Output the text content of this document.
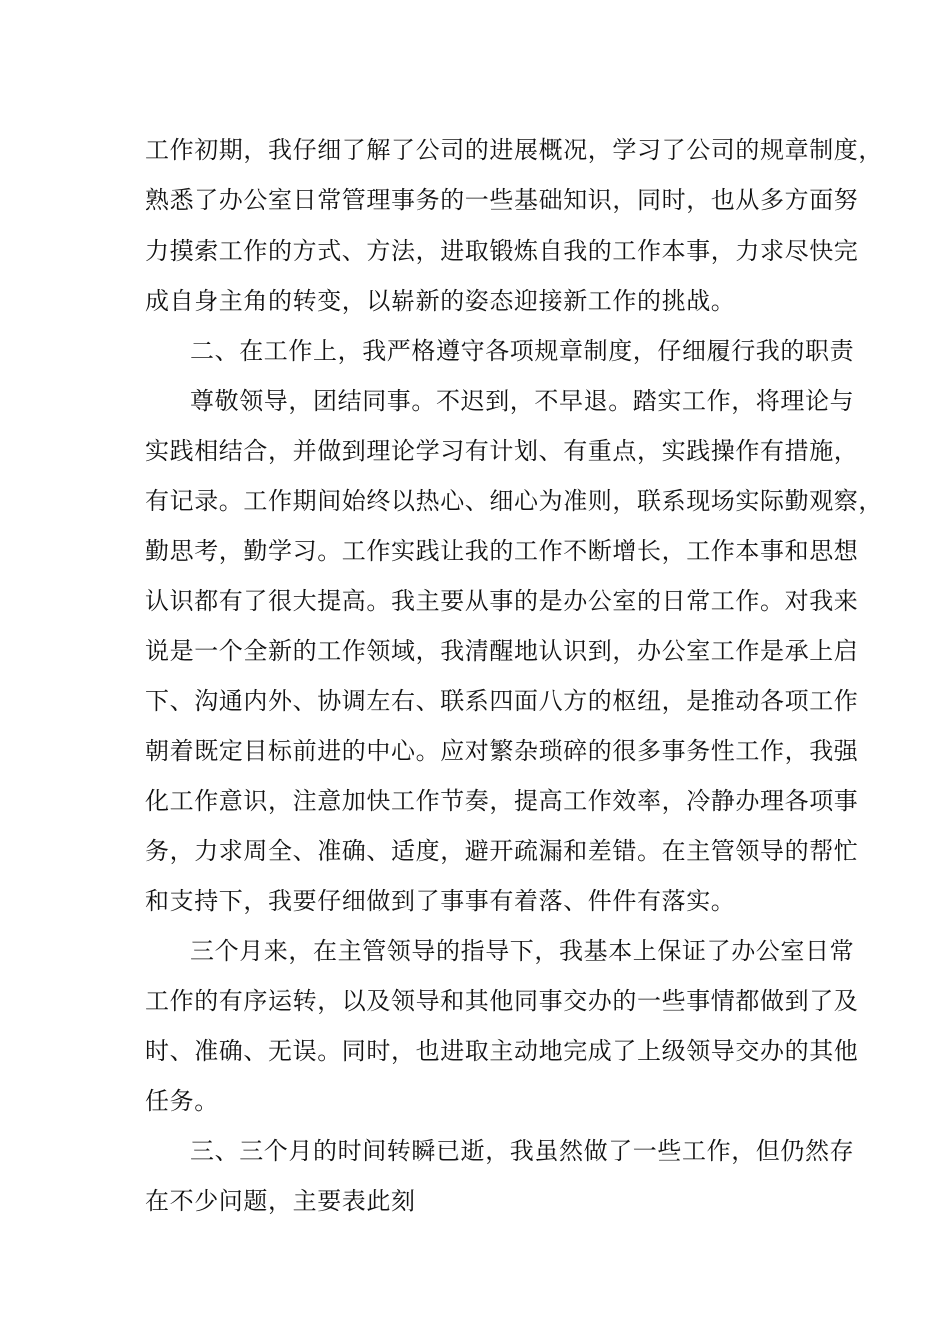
工作初期，我仔细了解了公司的进展概况，学习了公司的规章制度，
熟悉了办公室日常管理事务的一些基础知识，同时，也从多方面努
力摸索工作的方式、方法，进取锻炼自我的工作本事，力求尽快完
成自身主角的转变，以崭新的姿态迎接新工作的挑战。
二、在工作上，我严格遵守各项规章制度，仔细履行我的职责
尊敬领导，团结同事。不迟到，不早退。踏实工作，将理论与
实践相结合，并做到理论学习有计划、有重点，实践操作有措施，
有记录。工作期间始终以热心、细心为准则，联系现场实际勤观察，
勤思考，勤学习。工作实践让我的工作不断增长，工作本事和思想
认识都有了很大提高。我主要从事的是办公室的日常工作。对我来
说是一个全新的工作领域，我清醒地认识到，办公室工作是承上启
下、沟通内外、协调左右、联系四面八方的枢纽，是推动各项工作
朝着既定目标前进的中心。应对繁杂琐碎的很多事务性工作，我强
化工作意识，注意加快工作节奏，提高工作效率，冷静办理各项事
务，力求周全、准确、适度，避开疏漏和差错。在主管领导的帮忙
和支持下，我要仔细做到了事事有着落、件件有落实。
三个月来，在主管领导的指导下，我基本上保证了办公室日常
工作的有序运转，以及领导和其他同事交办的一些事情都做到了及
时、准确、无误。同时，也进取主动地完成了上级领导交办的其他
任务。
三、三个月的时间转瞬已逝，我虽然做了一些工作，但仍然存
在不少问题，主要表此刻
